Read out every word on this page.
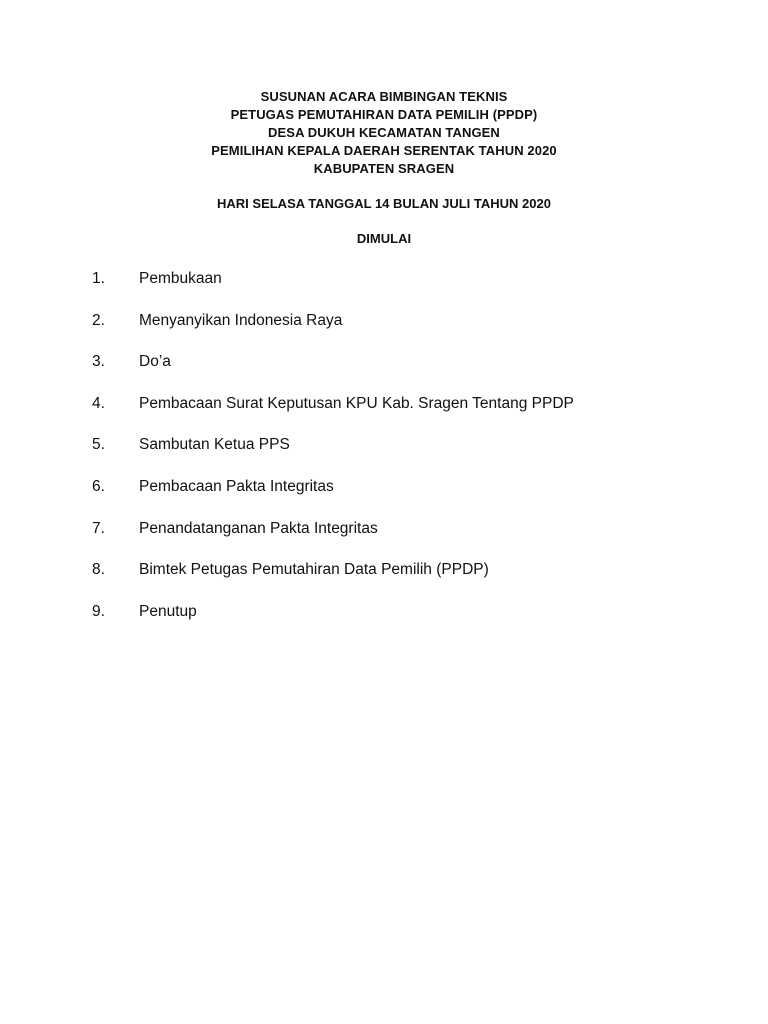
SUSUNAN ACARA BIMBINGAN TEKNIS
PETUGAS PEMUTAHIRAN DATA PEMILIH (PPDP)
DESA DUKUH KECAMATAN TANGEN
PEMILIHAN KEPALA DAERAH SERENTAK TAHUN 2020
KABUPATEN SRAGEN
HARI SELASA TANGGAL 14 BULAN JULI TAHUN 2020
DIMULAI
1. Pembukaan
2. Menyanyikan Indonesia Raya
3. Do’a
4. Pembacaan Surat Keputusan KPU Kab. Sragen Tentang PPDP
5. Sambutan Ketua PPS
6. Pembacaan Pakta Integritas
7. Penandatanganan Pakta Integritas
8. Bimtek Petugas Pemutahiran Data Pemilih (PPDP)
9. Penutup
